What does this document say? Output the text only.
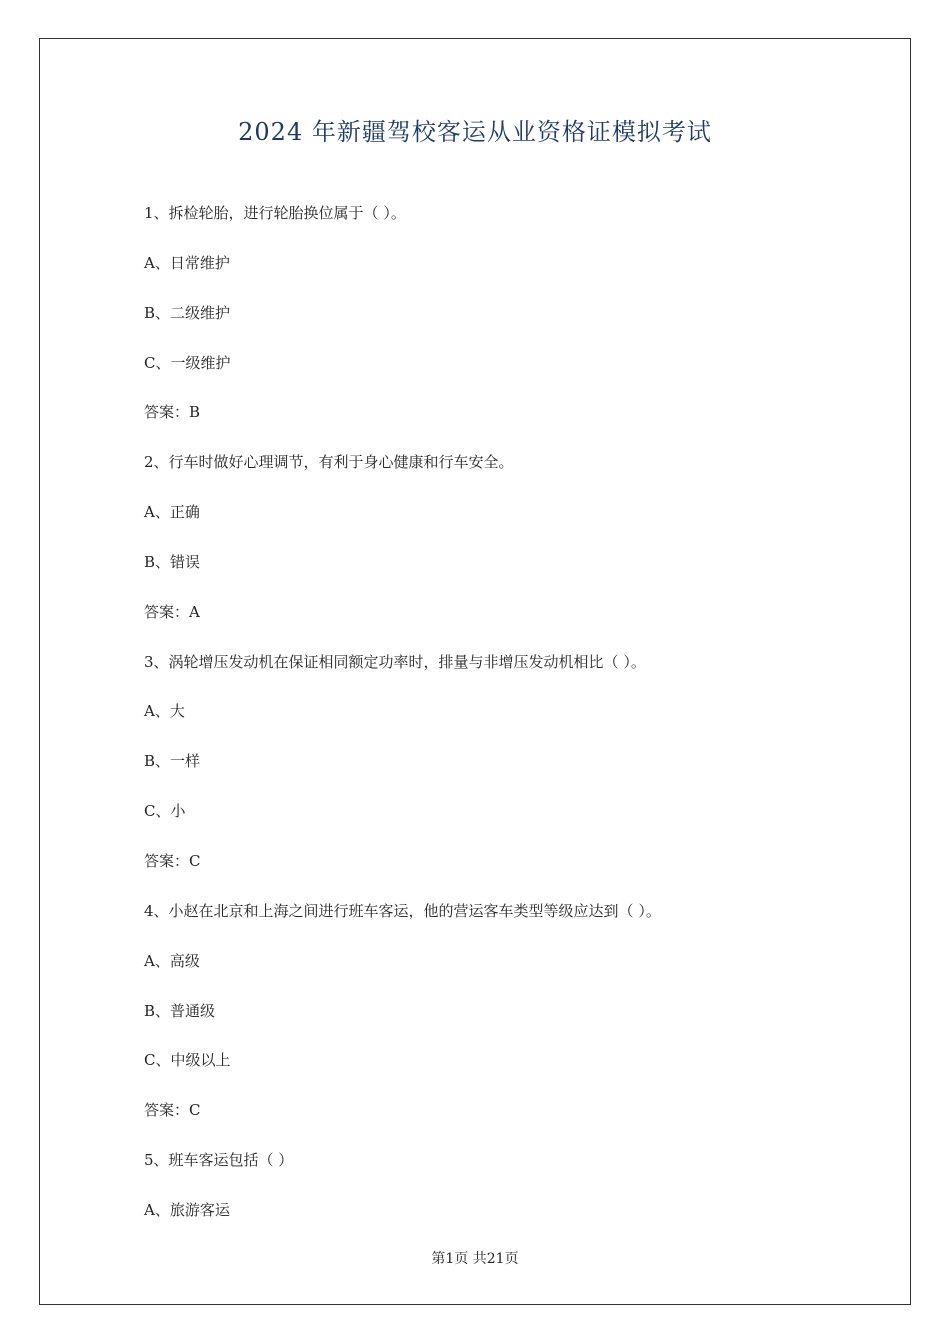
2024 年新疆驾校客运从业资格证模拟考试
1、拆检轮胎，进行轮胎换位属于（ ）。
A、日常维护
B、二级维护
C、一级维护
答案：B
2、行车时做好心理调节，有利于身心健康和行车安全。
A、正确
B、错误
答案：A
3、涡轮增压发动机在保证相同额定功率时，排量与非增压发动机相比（ ）。
A、大
B、一样
C、小
答案：C
4、小赵在北京和上海之间进行班车客运，他的营运客车类型等级应达到（ ）。
A、高级
B、普通级
C、中级以上
答案：C
5、班车客运包括（ ）
A、旅游客运
第1页 共21页
